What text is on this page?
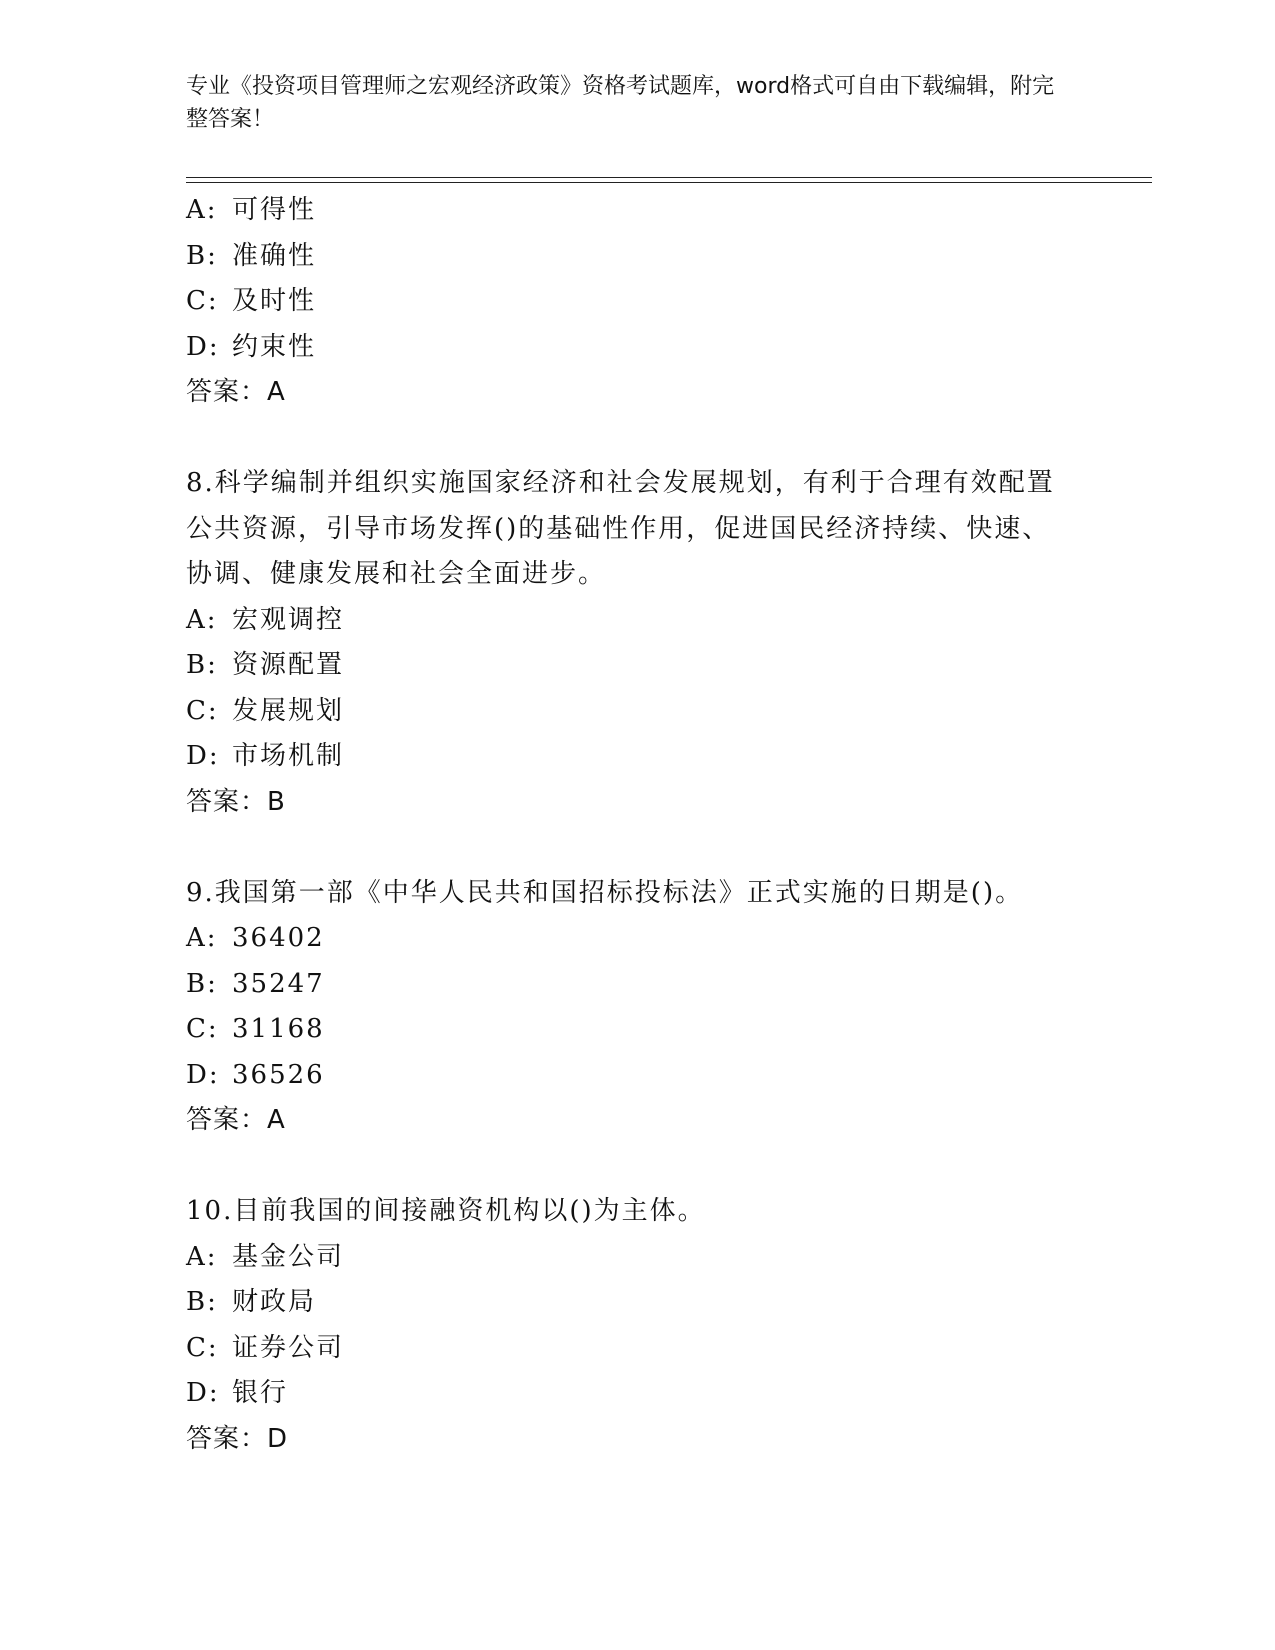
专业《投资项目管理师之宏观经济政策》资格考试题库，word格式可自由下载编辑，附完整答案！
A: 可得性
B: 准确性
C: 及时性
D: 约束性
答案：A
8.科学编制并组织实施国家经济和社会发展规划，有利于合理有效配置公共资源，引导市场发挥()的基础性作用，促进国民经济持续、快速、协调、健康发展和社会全面进步。
A: 宏观调控
B: 资源配置
C: 发展规划
D: 市场机制
答案：B
9.我国第一部《中华人民共和国招标投标法》正式实施的日期是()。
A: 36402
B: 35247
C: 31168
D: 36526
答案：A
10.目前我国的间接融资机构以()为主体。
A: 基金公司
B: 财政局
C: 证券公司
D: 银行
答案：D
